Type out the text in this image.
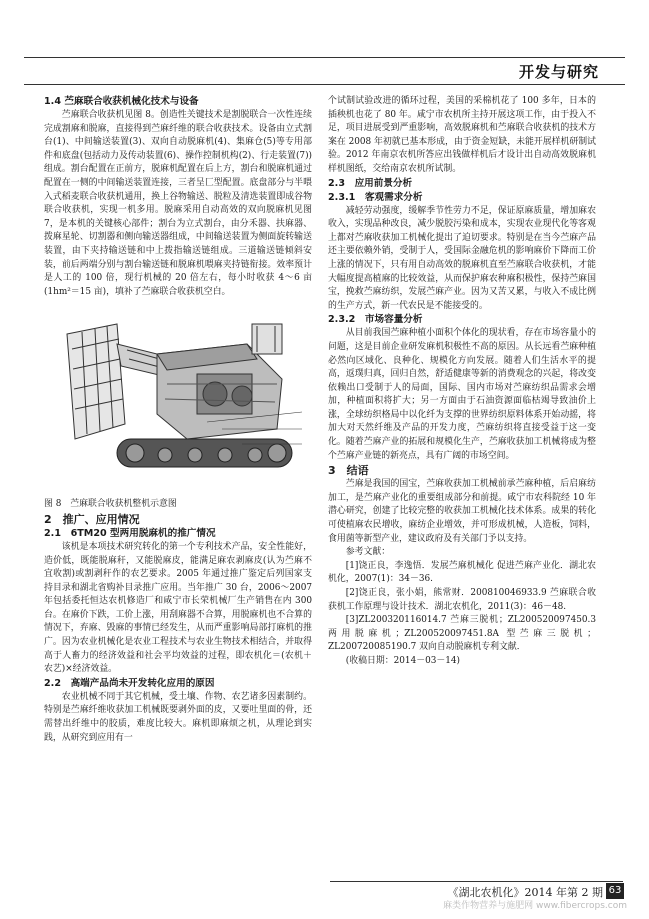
开发与研究

1.4 苎麻联合收获机械化技术与设备

苎麻联合收获机见图 8。创造性关键技术是割脱联合一次性连续完成割麻和脱麻，直接得到苎麻纤维的联合收获技术。设备由立式割台(1)、中间输送装置(3)、双向自动脱麻机(4)、集麻仓(5)等专用部件和底盘(包括动力及传动装置(6)、操作控制机构(2)、行走装置(7))组成。割台配置在正前方，脱麻机配置在后上方，割台和脱麻机通过配置在一侧的中间输送装置连接，三者呈匚型配置。底盘部分与半喂入式稻麦联合收获机通用，换上谷物输送、脱粒及清选装置即成谷物联合收获机，实现一机多用。脱麻采用自动高效的双向脱麻机见图 7，是本机的关键核心部件；割台为立式割台，由分禾器、扶麻器、拨麻星轮、切割器和侧向输送器组成，中间输送装置为侧面旋转输送装置，由下夹持输送链和中上拨指输送链组成。三道输送链倾斜安装，前后两端分别与割台输送链和脱麻机喂麻夹持链衔接。效率预计是人工的 100 倍，现行机械的 20 倍左右，每小时收获 4～6 亩(1hm²＝15 亩)，填补了苎麻联合收获机空白。

图 8　苎麻联合收获机整机示意图

2　推广、应用情况

2.1　6TM20 型两用脱麻机的推广情况

该机是本项技术研究转化的第一个专利技术产品，安全性能好，造价低，既能脱麻秆，又能脱麻皮，能满足麻农剥麻皮(认为苎麻不宜收割)或割剥秆作的农艺要求。2005 年通过推广鉴定后列国家支持目录和湖北省购补目录推广应用。当年推广 30 台，2006～2007 年包括委托恒达农机修造厂和咸宁市长荣机械厂生产销售在内 300 台。在麻价下跌，工价上涨，用刮麻器不合算，用脱麻机也不合算的情况下，弃麻、毁麻的事情已经发生，从而严重影响局部打麻机的推广。因为农业机械化是农业工程技术与农业生物技术相结合，并取得高于人畜力的经济效益和社会平均效益的过程，即农机化＝(农机＋农艺)×经济效益。

2.2　高端产品尚未开发转化应用的原因

农业机械不同于其它机械，受土壤、作物、农艺诸多因素制约。特别是苎麻纤维收获加工机械既要剥外面的皮，又要吐里面的骨，还需替出纤维中的胶质，难度比较大。麻机即麻烦之机，从理论到实践，从研究到应用有一

个试制试验改进的循环过程，美国的采棉机花了 100 多年，日本的插秧机也花了 80 年。咸宁市农机所主持开展这项工作，由于投入不足，项目进展受到严重影响，高效脱麻机和苎麻联合收获机的技术方案在 2008 年初就已基本形成，由于资金短缺，未能开展样机研制试验。2012 年南京农机所答应出钱做样机后才设计出自动高效脱麻机样机图纸，交给南京农机所试制。

2.3　应用前景分析

2.3.1　客观需求分析

减轻劳动强度，缓解季节性劳力不足，保证原麻质量，增加麻农收入，实现品种改良，减少脱胶污染和成本，实现农业现代化等客观上都对苎麻收获加工机械化提出了迫切要求。特别是在当今苎麻产品还主要依赖外销，受制于人，受国际金融危机的影响麻价下降而工价上涨的情况下，只有用自动高效的脱麻机直至苎麻联合收获机，才能大幅度提高植麻的比较效益，从而保护麻农种麻积极性，保持苎麻国宝，挽救苎麻纺织，发展苎麻产业。因为又苦又累，与收入不成比例的生产方式，新一代农民是不能接受的。

2.3.2　市场容量分析

从目前我国苎麻种植小面积个体化的现状看，存在市场容量小的问题，这是目前企业研发麻机积极性不高的原因。从长远看苎麻种植必然向区域化、良种化、规模化方向发展。随着人们生活水平的提高，返璞归真，回归自然，舒适健康等新的消费观念的兴起，将改变依赖出口受制于人的局面，国际、国内市场对苎麻纺织品需求会增加，种植面积将扩大；另一方面由于石油资源面临枯竭导致油价上涨，全球纺织格局中以化纤为支撑的世界纺织原料体系开始动摇，将加大对天然纤维及产品的开发力度，苎麻纺织将直接受益于这一变化。随着苎麻产业的拓展和规模化生产，苎麻收获加工机械将成为整个苎麻产业链的新亮点，具有广阔的市场空间。

3　结语

苎麻是我国的国宝，苎麻收获加工机械前承苎麻种植，后启麻纺加工，是苎麻产业化的重要组成部分和前提。咸宁市农科院经 10 年潜心研究，创建了比较完整的收获加工机械化技术体系。成果的转化可使植麻农民增收，麻纺企业增效，并可形成机械，人造板，饲料，食用菌等新型产业，建议政府及有关部门予以支持。

参考文献：

[1]饶正良，李逸悟．发展苎麻机械化 促进苎麻产业化．湖北农机化，2007(1)：34－36.

[2]饶正良，张小娟，熊常财．200810046933.9 苎麻联合收获机工作原理与设计技术．湖北农机化，2011(3)：46－48.

[3]ZL200320116014.7 苎麻三脱机；ZL200520097450.3 两用脱麻机；ZL200520097451.8A 型苎麻三脱机；ZL200720085190.7 双向自动脱麻机专利文献．

(收稿日期：2014－03－14)

《湖北农机化》2014 年第 2 期 63
麻类作物营养与施肥网 www.fibercrops.com
